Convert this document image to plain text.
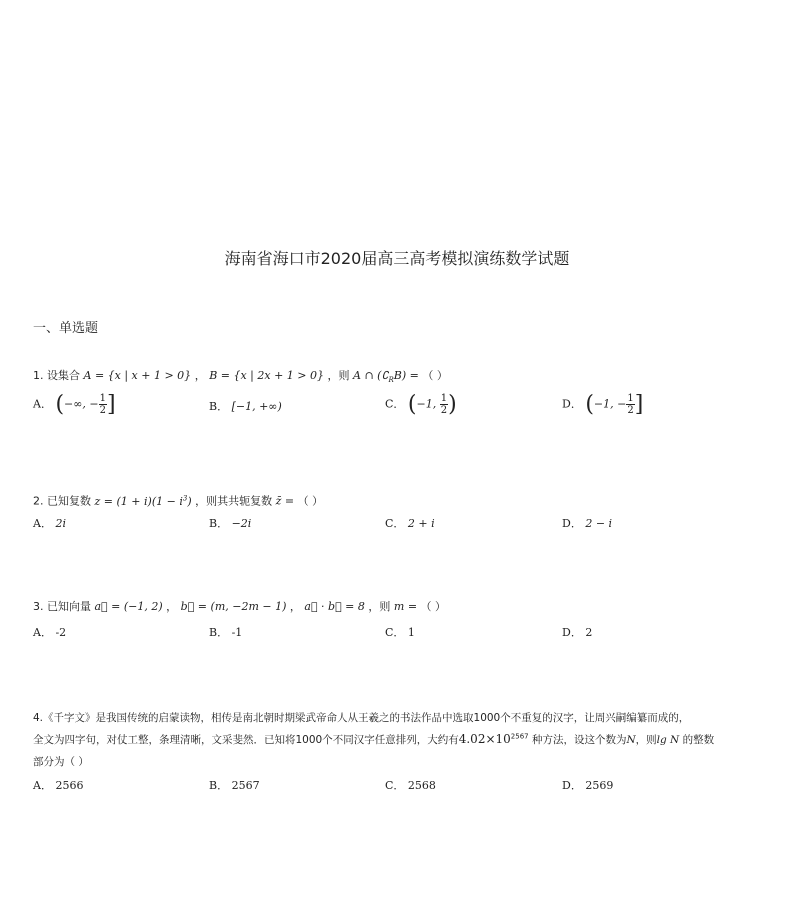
海南省海口市2020届高三高考模拟演练数学试题
一、单选题
1. 设集合 A = {x | x + 1 > 0} ， B = {x | 2x + 1 > 0} ，则 A ∩ $(∁_RB)$ = （ ）
A． (−∞, − $\frac{1}{2}$ ]	B． [−1, +∞)	C． (−1, $\frac{1}{2}$ )	D． (−1, − $\frac{1}{2}$ ]
2. 已知复数 $z = (1 + i)(1 - i^3)$ ，则其共轭复数 z̄ = （ ）
A． 2i	B． −2i	C． 2 + i	D． 2 − i
3. 已知向量 a⃗ = (−1, 2) ， b⃗ = (m, −2m − 1) ， a⃗ · b⃗ = 8 ，则 m = （ ）
A． -2	B． -1	C． 1	D． 2
4.《千字文》是我国传统的启蒙读物，相传是南北朝时期梁武帝命人从王羲之的书法作品中选取1000个不重复的汉字，让周兴嗣编纂而成的，
全文为四字句，对仗工整，条理清晰，文采斐然．已知将1000个不同汉字任意排列，大约有$4.02\times 10^{2567}$ 种方法，设这个数为N，则lg N 的整数
部分为（ ）
A． 2566	B． 2567	C． 2568	D． 2569
